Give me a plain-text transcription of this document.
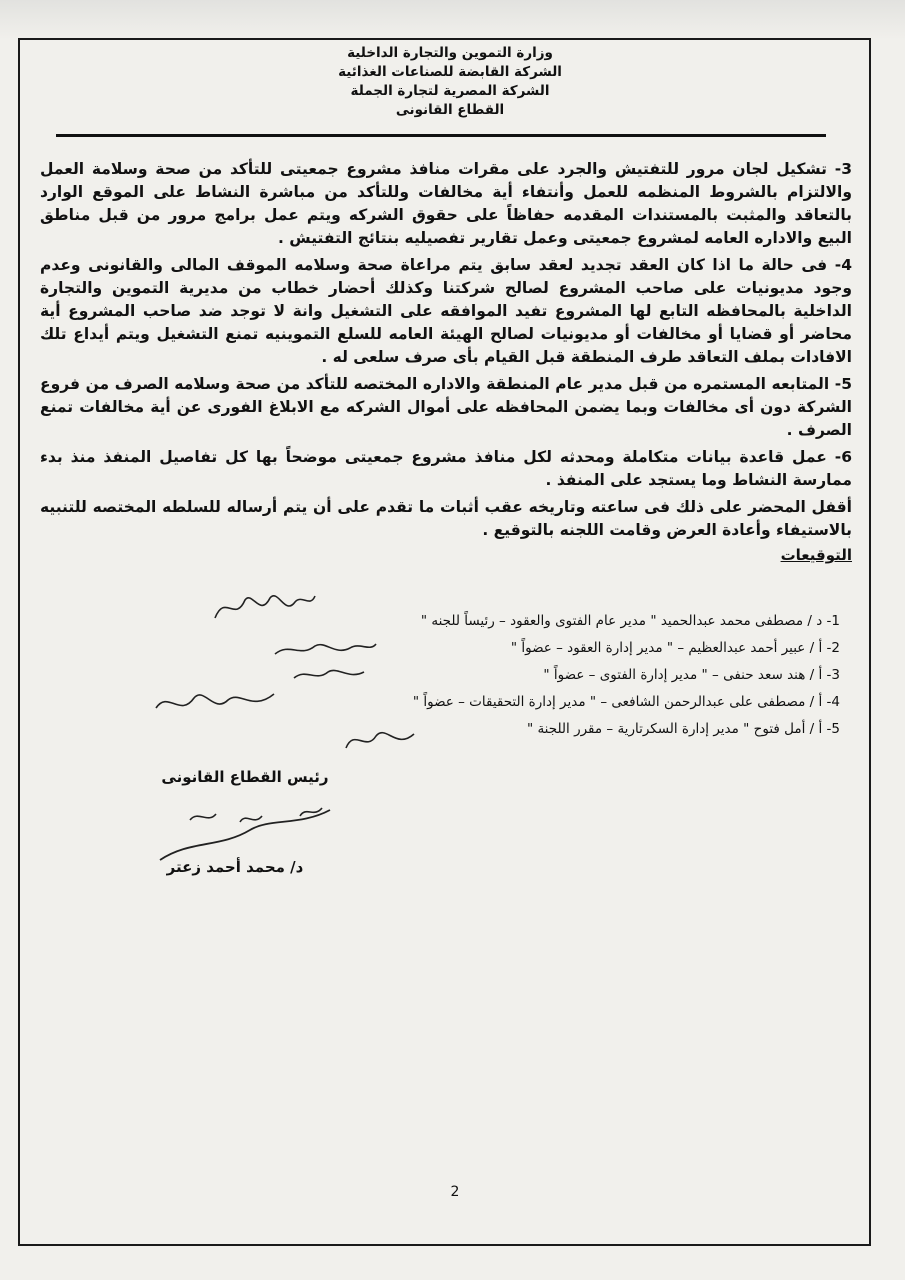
وزارة التموين والتجارة الداخلية
الشركة القابضة للصناعات الغذائية
الشركة المصرية لتجارة الجملة
القطاع القانونى
3- تشكيل لجان مرور للتفتيش والجرد على مقرات منافذ مشروع جمعيتى للتأكد من صحة وسلامة العمل والالتزام بالشروط المنظمه للعمل وأنتفاء أية مخالفات وللتأكد من مباشرة النشاط على الموقع الوارد بالتعاقد والمثبت بالمستندات المقدمه حفاظاً على حقوق الشركه ويتم عمل برامج مرور من قبل مناطق البيع والاداره العامه لمشروع جمعيتى وعمل تقارير تفصيليه بنتائج التفتيش .
4- فى حالة ما اذا كان العقد تجديد لعقد سابق يتم مراعاة صحة وسلامه الموقف المالى والقانونى وعدم وجود مديونيات على صاحب المشروع لصالح شركتنا وكذلك أحضار خطاب من مديرية التموين والتجارة الداخلية بالمحافظه التابع لها المشروع تفيد الموافقه على التشغيل وانة لا توجد ضد صاحب المشروع أية محاضر أو قضايا أو مخالفات أو مديونيات لصالح الهيئة العامه للسلع التموينيه تمنع التشغيل ويتم أيداع تلك الافادات بملف التعاقد طرف المنطقة قبل القيام بأى صرف سلعى له .
5- المتابعه المستمره من قبل مدير عام المنطقة والاداره المختصه للتأكد من صحة وسلامه الصرف من فروع الشركة دون أى مخالفات وبما يضمن المحافظه على أموال الشركه مع الابلاغ الفورى عن أية مخالفات تمنع الصرف .
6- عمل قاعدة بيانات متكاملة ومحدثه لكل منافذ مشروع جمعيتى موضحاً بها كل تفاصيل المنفذ منذ بدء ممارسة النشاط وما يستجد على المنفذ .
أقفل المحضر على ذلك فى ساعته وتاريخه عقب أثبات ما تقدم على أن يتم أرساله للسلطه المختصه للتنبيه بالاستيفاء وأعادة العرض وقامت اللجنه بالتوقيع .
التوقيعات
1- د / مصطفى محمد عبدالحميد " مدير عام الفتوى والعقود – رئيساً للجنه "
2- أ / عبير أحمد عبدالعظيم – " مدير إدارة العقود – عضواً "
3- أ / هند سعد حنفى – " مدير إدارة الفتوى – عضواً "
4- أ / مصطفى على عبدالرحمن الشافعى – " مدير إدارة التحقيقات – عضواً "
5- أ / أمل فتوح " مدير إدارة السكرتارية – مقرر اللجنة "
رئيس القطاع القانونى
د/ محمد أحمد زعتر
2
